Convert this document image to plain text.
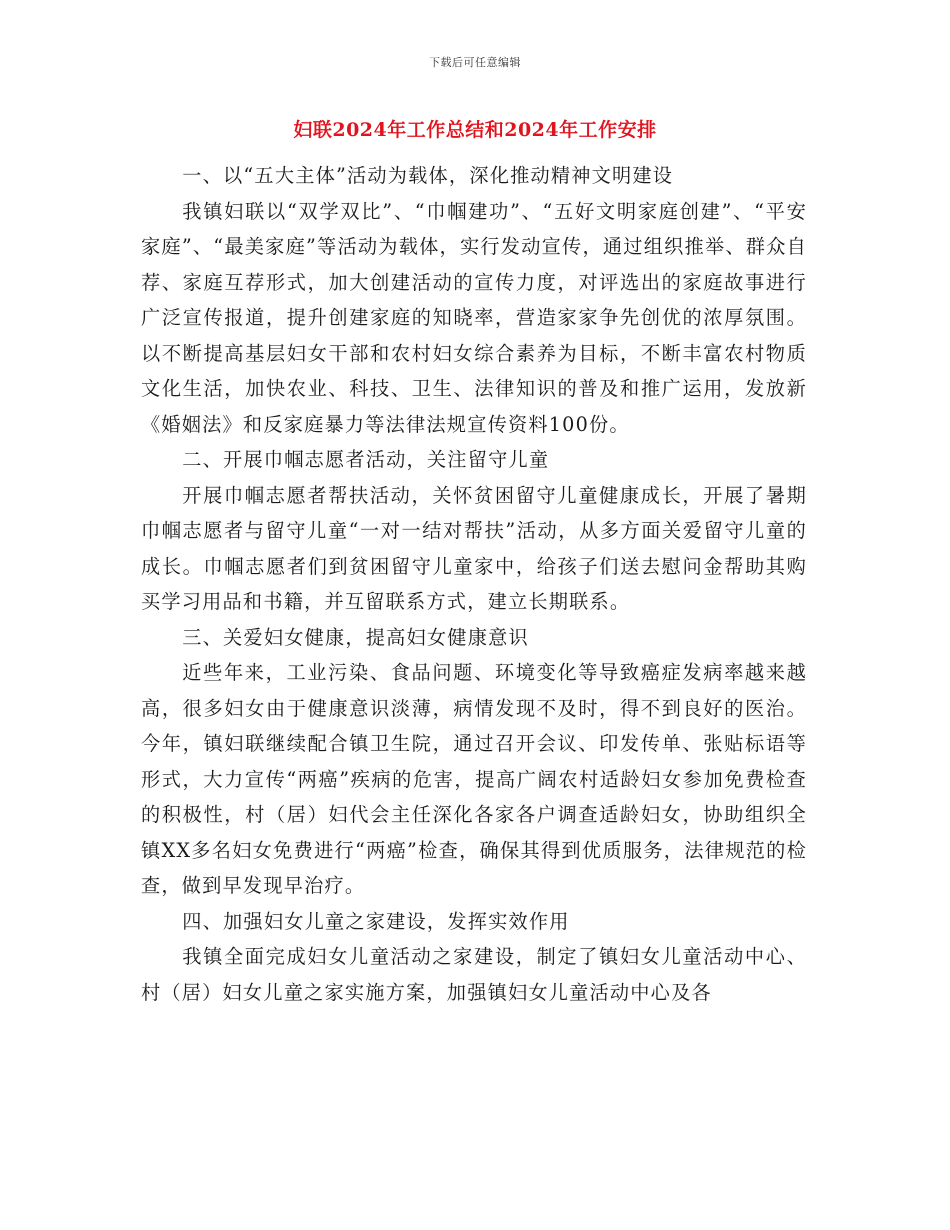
下载后可任意编辑
妇联2024年工作总结和2024年工作安排

一、以“五大主体”活动为载体，深化推动精神文明建设

我镇妇联以“双学双比”、“巾帼建功”、“五好文明家庭创建”、“平安家庭”、“最美家庭”等活动为载体，实行发动宣传，通过组织推举、群众自荐、家庭互荐形式，加大创建活动的宣传力度，对评选出的家庭故事进行广泛宣传报道，提升创建家庭的知晓率，营造家家争先创优的浓厚氛围。以不断提高基层妇女干部和农村妇女综合素养为目标，不断丰富农村物质文化生活，加快农业、科技、卫生、法律知识的普及和推广运用，发放新《婚姻法》和反家庭暴力等法律法规宣传资料100份。

二、开展巾帼志愿者活动，关注留守儿童

开展巾帼志愿者帮扶活动，关怀贫困留守儿童健康成长，开展了暑期巾帼志愿者与留守儿童“一对一结对帮扶”活动，从多方面关爱留守儿童的成长。巾帼志愿者们到贫困留守儿童家中，给孩子们送去慰问金帮助其购买学习用品和书籍，并互留联系方式，建立长期联系。

三、关爱妇女健康，提高妇女健康意识

近些年来，工业污染、食品问题、环境变化等导致癌症发病率越来越高，很多妇女由于健康意识淡薄，病情发现不及时，得不到良好的医治。今年，镇妇联继续配合镇卫生院，通过召开会议、印发传单、张贴标语等形式，大力宣传“两癌”疾病的危害，提高广阔农村适龄妇女参加免费检查的积极性，村（居）妇代会主任深化各家各户调查适龄妇女，协助组织全镇XX多名妇女免费进行“两癌”检查，确保其得到优质服务，法律规范的检查，做到早发现早治疗。

四、加强妇女儿童之家建设，发挥实效作用

我镇全面完成妇女儿童活动之家建设，制定了镇妇女儿童活动中心、村（居）妇女儿童之家实施方案，加强镇妇女儿童活动中心及各
